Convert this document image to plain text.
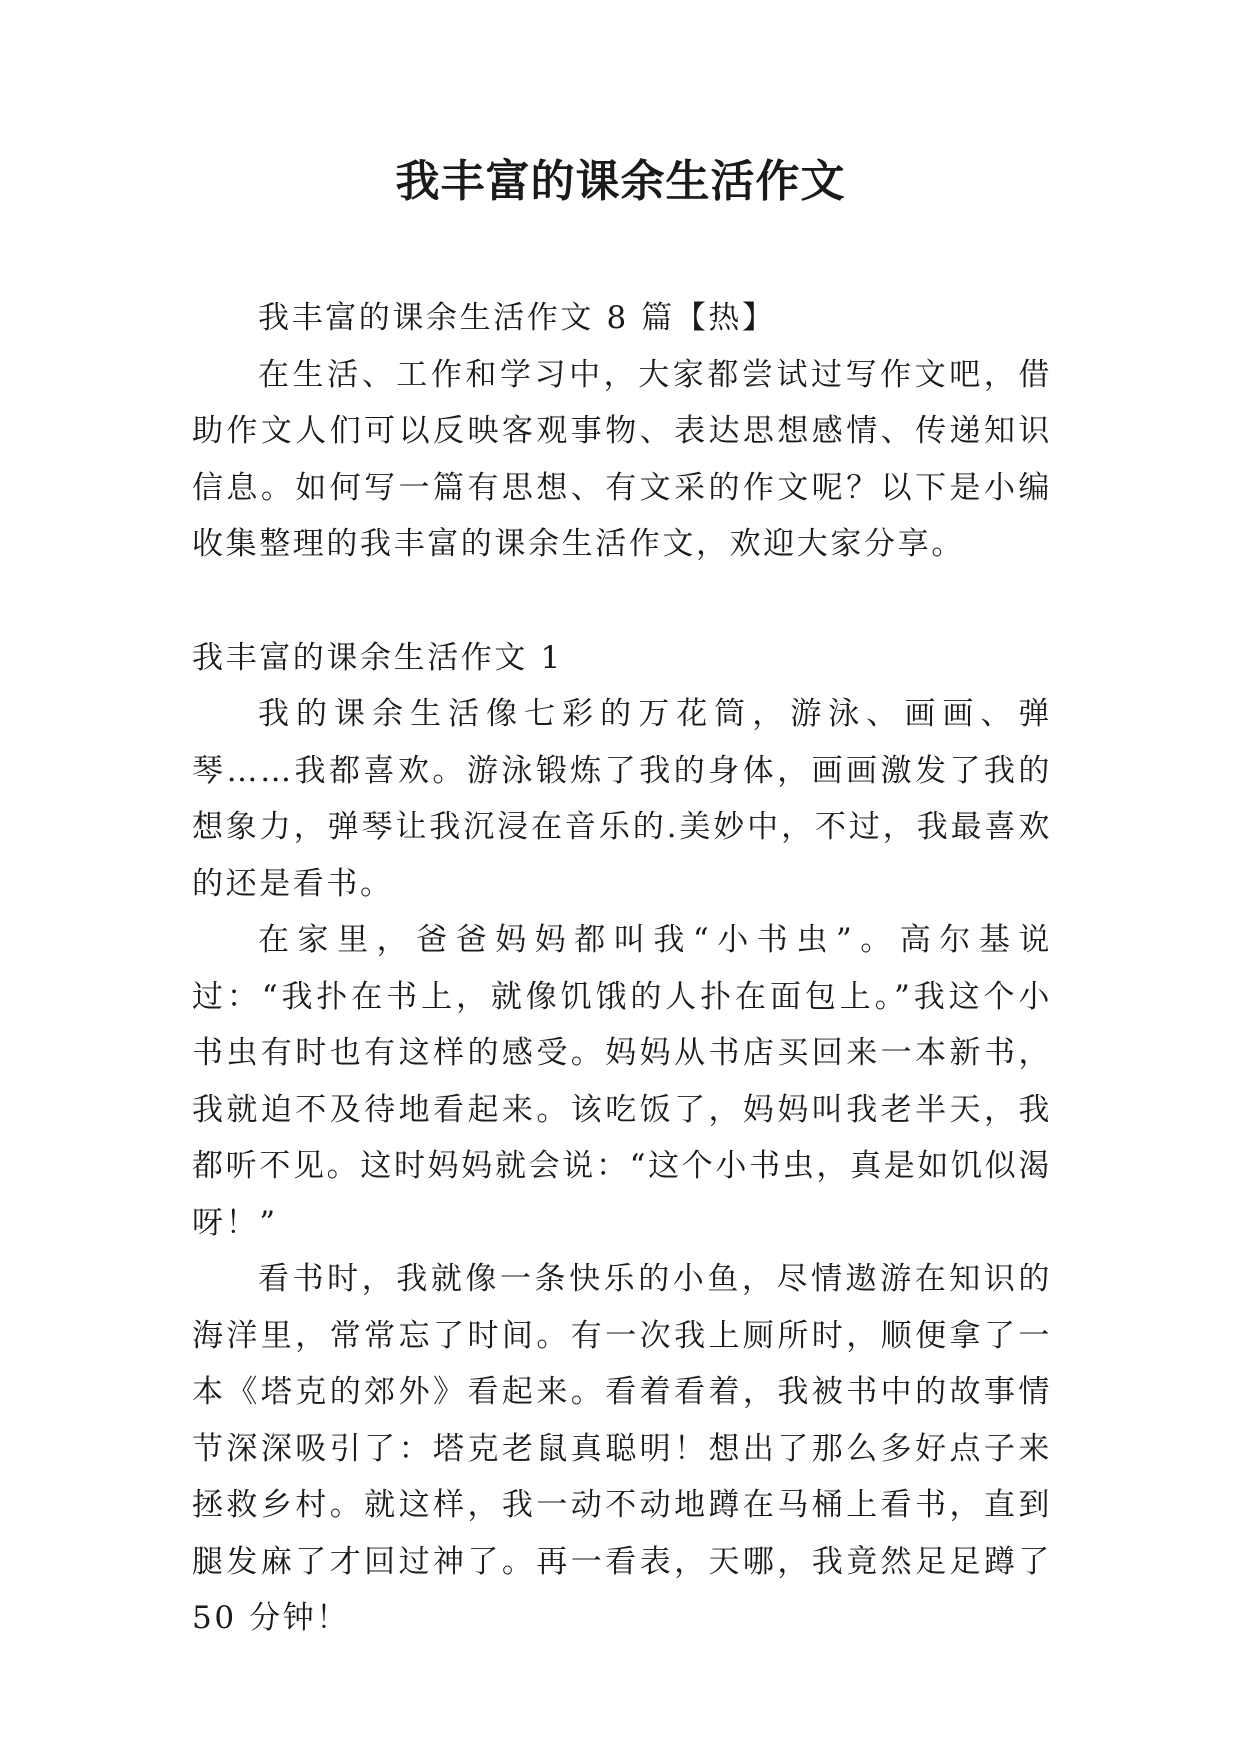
我丰富的课余生活作文

我丰富的课余生活作文 8 篇【热】

在生活、工作和学习中，大家都尝试过写作文吧，借助作文人们可以反映客观事物、表达思想感情、传递知识信息。如何写一篇有思想、有文采的作文呢？以下是小编收集整理的我丰富的课余生活作文，欢迎大家分享。

我丰富的课余生活作文 1

我的课余生活像七彩的万花筒，游泳、画画、弹琴……我都喜欢。游泳锻炼了我的身体，画画激发了我的想象力，弹琴让我沉浸在音乐的.美妙中，不过，我最喜欢的还是看书。

在家里，爸爸妈妈都叫我“小书虫”。高尔基说过：“我扑在书上，就像饥饿的人扑在面包上。”我这个小书虫有时也有这样的感受。妈妈从书店买回来一本新书，我就迫不及待地看起来。该吃饭了，妈妈叫我老半天，我都听不见。这时妈妈就会说：“这个小书虫，真是如饥似渴呀！”

看书时，我就像一条快乐的小鱼，尽情遨游在知识的海洋里，常常忘了时间。有一次我上厕所时，顺便拿了一本《塔克的郊外》看起来。看着看着，我被书中的故事情节深深吸引了：塔克老鼠真聪明！想出了那么多好点子来拯救乡村。就这样，我一动不动地蹲在马桶上看书，直到腿发麻了才回过神了。再一看表，天哪，我竟然足足蹲了 50 分钟！
